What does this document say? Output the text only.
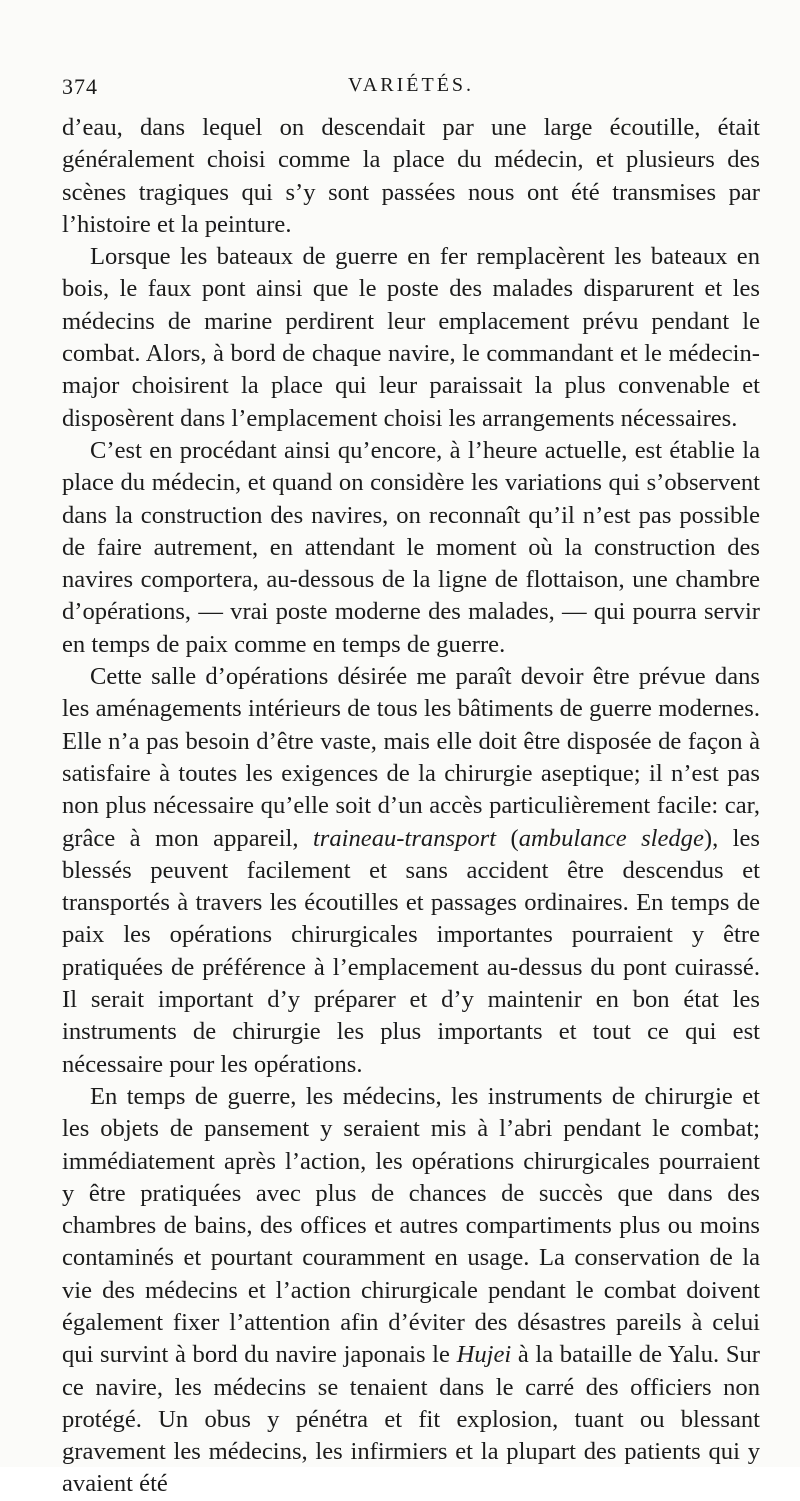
374	VARIÉTÉS.

d’eau, dans lequel on descendait par une large écoutille, était généralement choisi comme la place du médecin, et plusieurs des scènes tragiques qui s’y sont passées nous ont été transmises par l’histoire et la peinture.

Lorsque les bateaux de guerre en fer remplacèrent les bateaux en bois, le faux pont ainsi que le poste des malades disparurent et les médecins de marine perdirent leur emplacement prévu pendant le combat. Alors, à bord de chaque navire, le commandant et le médecin-major choisirent la place qui leur paraissait la plus convenable et disposèrent dans l’emplacement choisi les arrangements nécessaires.

C’est en procédant ainsi qu’encore, à l’heure actuelle, est établie la place du médecin, et quand on considère les variations qui s’observent dans la construction des navires, on reconnaît qu’il n’est pas possible de faire autrement, en attendant le moment où la construction des navires comportera, au-dessous de la ligne de flottaison, une chambre d’opérations, — vrai poste moderne des malades, — qui pourra servir en temps de paix comme en temps de guerre.

Cette salle d’opérations désirée me paraît devoir être prévue dans les aménagements intérieurs de tous les bâtiments de guerre modernes. Elle n’a pas besoin d’être vaste, mais elle doit être disposée de façon à satisfaire à toutes les exigences de la chirurgie aseptique; il n’est pas non plus nécessaire qu’elle soit d’un accès particulièrement facile: car, grâce à mon appareil, traineau-transport (ambulance sledge), les blessés peuvent facilement et sans accident être descendus et transportés à travers les écoutilles et passages ordinaires. En temps de paix les opérations chirurgicales importantes pourraient y être pratiquées de préférence à l’emplacement au-dessus du pont cuirassé. Il serait important d’y préparer et d’y maintenir en bon état les instruments de chirurgie les plus importants et tout ce qui est nécessaire pour les opérations.

En temps de guerre, les médecins, les instruments de chirurgie et les objets de pansement y seraient mis à l’abri pendant le combat; immédiatement après l’action, les opérations chirurgicales pourraient y être pratiquées avec plus de chances de succès que dans des chambres de bains, des offices et autres compartiments plus ou moins contaminés et pourtant couramment en usage. La conservation de la vie des médecins et l’action chirurgicale pendant le combat doivent également fixer l’attention afin d’éviter des désastres pareils à celui qui survint à bord du navire japonais le Hujei à la bataille de Yalu. Sur ce navire, les médecins se tenaient dans le carré des officiers non protégé. Un obus y pénétra et fit explosion, tuant ou blessant gravement les médecins, les infirmiers et la plupart des patients qui y avaient été
